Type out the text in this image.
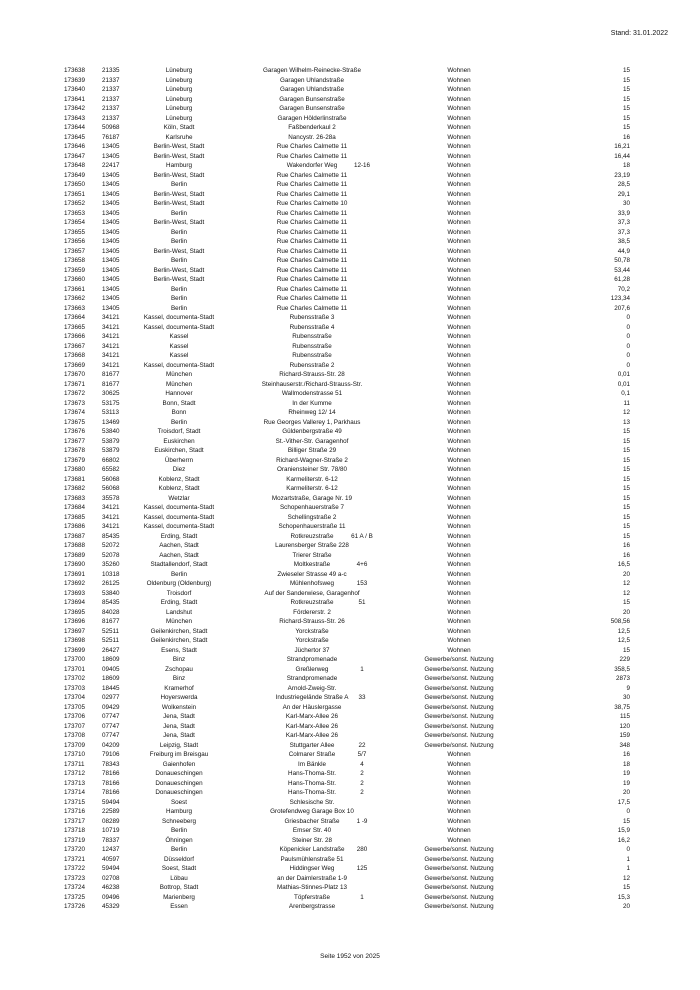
Stand: 31.01.2022
173638	21335	Lüneburg	Garagen Wilhelm-Reinecke-Straße	Wohnen	15
173639	21337	Lüneburg	Garagen Uhlandstraße	Wohnen	15
173640	21337	Lüneburg	Garagen Uhlandstraße	Wohnen	15
173641	21337	Lüneburg	Garagen Bunsenstraße	Wohnen	15
173642	21337	Lüneburg	Garagen Bunsenstraße	Wohnen	15
173643	21337	Lüneburg	Garagen Hölderlinstraße	Wohnen	15
173644	50968	Köln, Stadt	Faßbenderkaul 2	Wohnen	15
173645	76187	Karlsruhe	Nancystr. 26-28a	Wohnen	16
173646	13405	Berlin-West, Stadt	Rue Charles Calmette 11	Wohnen	16,21
173647	13405	Berlin-West, Stadt	Rue Charles Calmette 11	Wohnen	16,44
173648	22417	Hamburg	Wakendorfer Weg	12-16	Wohnen	18
173649	13405	Berlin-West, Stadt	Rue Charles Calmette 11	Wohnen	23,19
173650	13405	Berlin	Rue Charles Calmette 11	Wohnen	28,5
173651	13405	Berlin-West, Stadt	Rue Charles Calmette 11	Wohnen	29,1
173652	13405	Berlin-West, Stadt	Rue Charles Calmette 10	Wohnen	30
173653	13405	Berlin	Rue Charles Calmette 11	Wohnen	33,9
173654	13405	Berlin-West, Stadt	Rue Charles Calmette 11	Wohnen	37,3
173655	13405	Berlin	Rue Charles Calmette 11	Wohnen	37,3
173656	13405	Berlin	Rue Charles Calmette 11	Wohnen	38,5
173657	13405	Berlin-West, Stadt	Rue Charles Calmette 11	Wohnen	44,9
173658	13405	Berlin	Rue Charles Calmette 11	Wohnen	50,78
173659	13405	Berlin-West, Stadt	Rue Charles Calmette 11	Wohnen	53,44
173660	13405	Berlin-West, Stadt	Rue Charles Calmette 11	Wohnen	61,28
173661	13405	Berlin	Rue Charles Calmette 11	Wohnen	70,2
173662	13405	Berlin	Rue Charles Calmette 11	Wohnen	123,34
173663	13405	Berlin	Rue Charles Calmette 11	Wohnen	207,6
173664	34121	Kassel, documenta-Stadt	Rubensstraße 3	Wohnen	0
173665	34121	Kassel, documenta-Stadt	Rubensstraße 4	Wohnen	0
173666	34121	Kassel	Rubensstraße	Wohnen	0
173667	34121	Kassel	Rubensstraße	Wohnen	0
173668	34121	Kassel	Rubensstraße	Wohnen	0
173669	34121	Kassel, documenta-Stadt	Rubensstraße 2	Wohnen	0
173670	81677	München	Richard-Strauss-Str. 28	Wohnen	0,01
173671	81677	München	Steinhauserstr./Richard-Strauss-Str.	Wohnen	0,01
173672	30625	Hannover	Wallmodenstrasse 51	Wohnen	0,1
173673	53175	Bonn, Stadt	In der Kumme	Wohnen	11
173674	53113	Bonn	Rheinweg 12/ 14	Wohnen	12
173675	13469	Berlin	Rue Georges Vallerey 1, Parkhaus	Wohnen	13
173676	53840	Troisdorf, Stadt	Güldenbergstraße 49	Wohnen	15
173677	53879	Euskirchen	St.-Vither-Str. Garagenhof	Wohnen	15
173678	53879	Euskirchen, Stadt	Billiger Straße 29	Wohnen	15
173679	66802	Überherrn	Richard-Wagner-Straße 2	Wohnen	15
173680	65582	Diez	Oraniensteiner Str. 78/80	Wohnen	15
173681	56068	Koblenz, Stadt	Karmeliterstr. 6-12	Wohnen	15
173682	56068	Koblenz, Stadt	Karmeliterstr. 6-12	Wohnen	15
173683	35578	Wetzlar	Mozartstraße, Garage Nr. 19	Wohnen	15
173684	34121	Kassel, documenta-Stadt	Schopenhauerstraße 7	Wohnen	15
173685	34121	Kassel, documenta-Stadt	Schellingstraße 2	Wohnen	15
173686	34121	Kassel, documenta-Stadt	Schopenhauerstraße 11	Wohnen	15
173687	85435	Erding, Stadt	Rotkreuzstraße	61 A / B	Wohnen	15
173688	52072	Aachen, Stadt	Laurensberger Straße 228	Wohnen	16
173689	52078	Aachen, Stadt	Trierer Straße	Wohnen	16
173690	35260	Stadtallendorf, Stadt	Moltkestraße	4+6	Wohnen	16,5
173691	10318	Berlin	Zwieseler Strasse 49 a-c	Wohnen	20
173692	26125	Oldenburg (Oldenburg)	Mühlenhofsweg	153	Wohnen	12
173693	53840	Troisdorf	Auf der Sanderwiese, Garagenhof	Wohnen	12
173694	85435	Erding, Stadt	Rotkreuzstraße	51	Wohnen	15
173695	84028	Landshut	Fördererstr. 2	Wohnen	20
173696	81677	München	Richard-Strauss-Str. 26	Wohnen	508,56
173697	52511	Geilenkirchen, Stadt	Yorckstraße	Wohnen	12,5
173698	52511	Geilenkirchen, Stadt	Yorckstraße	Wohnen	12,5
173699	26427	Esens, Stadt	Jüchertor 37	Wohnen	15
173700	18609	Binz	Strandpromenade	Gewerbe/sonst. Nutzung	229
173701	09405	Zschopau	Greßlerweg	1	Gewerbe/sonst. Nutzung	358,5
173702	18609	Binz	Strandpromenade	Gewerbe/sonst. Nutzung	2873
173703	18445	Kramerhof	Arnold-Zweig-Str.	Gewerbe/sonst. Nutzung	9
173704	02977	Hoyerswerda	Industriegelände Straße A	33	Gewerbe/sonst. Nutzung	30
173705	09429	Wolkenstein	An der Häuslergasse	Gewerbe/sonst. Nutzung	38,75
173706	07747	Jena, Stadt	Karl-Marx-Allee 26	Gewerbe/sonst. Nutzung	115
173707	07747	Jena, Stadt	Karl-Marx-Allee 26	Gewerbe/sonst. Nutzung	120
173708	07747	Jena, Stadt	Karl-Marx-Allee 26	Gewerbe/sonst. Nutzung	159
173709	04209	Leipzig, Stadt	Stuttgarter Allee	22	Gewerbe/sonst. Nutzung	348
173710	79106	Freiburg im Breisgau	Colmarer Straße	5/7	Wohnen	16
173711	78343	Gaienhofen	Im Bänkle	4	Wohnen	18
173712	78166	Donaueschingen	Hans-Thoma-Str.	2	Wohnen	19
173713	78166	Donaueschingen	Hans-Thoma-Str.	2	Wohnen	19
173714	78166	Donaueschingen	Hans-Thoma-Str.	2	Wohnen	20
173715	59494	Soest	Schlesische Str.	Wohnen	17,5
173716	22589	Hamburg	Grotefendweg Garage Box 10	Wohnen	0
173717	08289	Schneeberg	Griesbacher Straße	1 -9	Wohnen	15
173718	10719	Berlin	Emser Str. 40	Wohnen	15,9
173719	78337	Öhningen	Steiner Str. 28	Wohnen	16,2
173720	12437	Berlin	Köpenicker Landstraße	280	Gewerbe/sonst. Nutzung	0
173721	40597	Düsseldorf	Paulsmühlenstraße 51	Gewerbe/sonst. Nutzung	1
173722	59494	Soest, Stadt	Hiddingser Weg	125	Gewerbe/sonst. Nutzung	1
173723	02708	Löbau	an der Daimlerstraße 1-9	Gewerbe/sonst. Nutzung	12
173724	46238	Bottrop, Stadt	Mathias-Stinnes-Platz 13	Gewerbe/sonst. Nutzung	15
173725	09496	Marienberg	Töpferstraße	1	Gewerbe/sonst. Nutzung	15,3
173726	45329	Essen	Arenbergstrasse	Gewerbe/sonst. Nutzung	20
Seite 1952 von 2025
